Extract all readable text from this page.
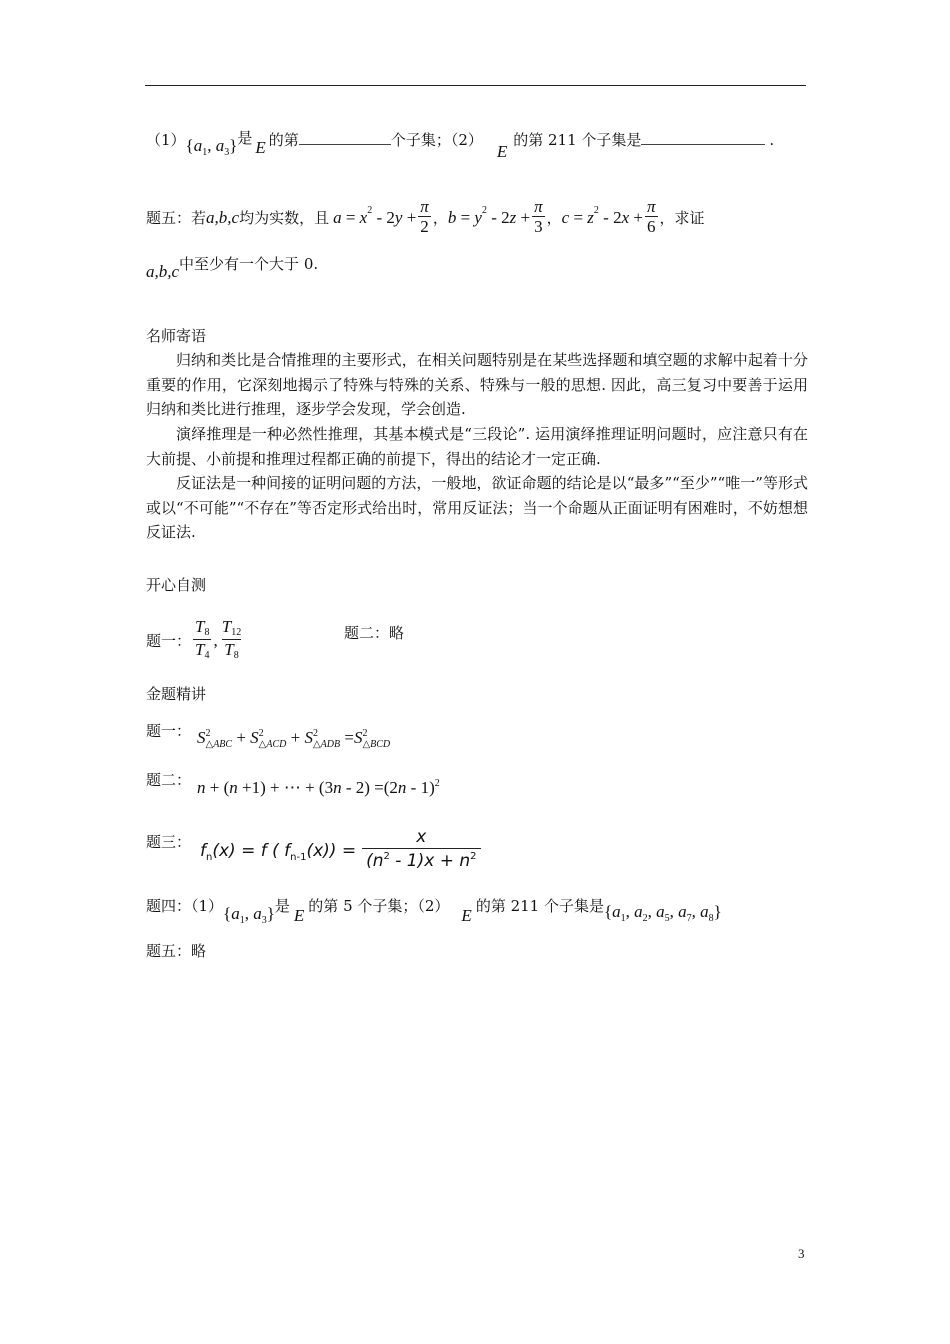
$(1)\{a_1$, $a_3$}是 E 的第	个子集；（2）E的第 211 个子集是	.
题五：若 a,b,c 均为实数，且 a = x 2 - 2 $y + \frac{\pi}{2}$ ， b = y 2 - 2 $z + \frac{\pi}{3}$ ， c = z 2 - 2 $x + \frac{\pi}{6}$ ，求证
a,b,c中至少有一个大于 0.
名师寄语
归纳和类比是合情推理的主要形式，在相关问题特别是在某些选择题和填空题的求解中起着十分重要的作用，它深刻地揭示了特殊与特殊的关系、特殊与一般的思想. 因此，高三复习中要善于运用归纳和类比进行推理，逐步学会发现，学会创造.
演绎推理是一种必然性推理，其基本模式是“三段论”. 运用演绎推理证明问题时，应注意只有在大前提、小前提和推理过程都正确的前提下，得出的结论才一定正确.
反证法是一种间接的证明问题的方法，一般地，欲证命题的结论是以“最多”“至少”“唯一”等形式或以“不可能”“不存在”等否定形式给出时，常用反证法；当一个命题从正面证明有困难时，不妨想想反证法.
开心自测
题一： $\frac{T8}{T4}$ , $\frac{T12}{T8}$	题二：略
金题精讲
题一： S 2
△ABC + S 2
△ACD + S 2
△ADB =S 2
△BCD
题二： n + (n +1) + ⋯ + (3n - 2) =(2n - 1)$^2$
题三： $f_n(x) = f$ ( $f_{n-1}(x)) = \frac{x}{(n^2 - 1)x + n^2}$
题四：$(1)\{a_1$, $a_3$}是 E 的第 5 个子集；（2） E 的第 211 个子集是{$a_1$, $a_2$, $a_5$, $a_7$, $a_8$}
题五：略
3
